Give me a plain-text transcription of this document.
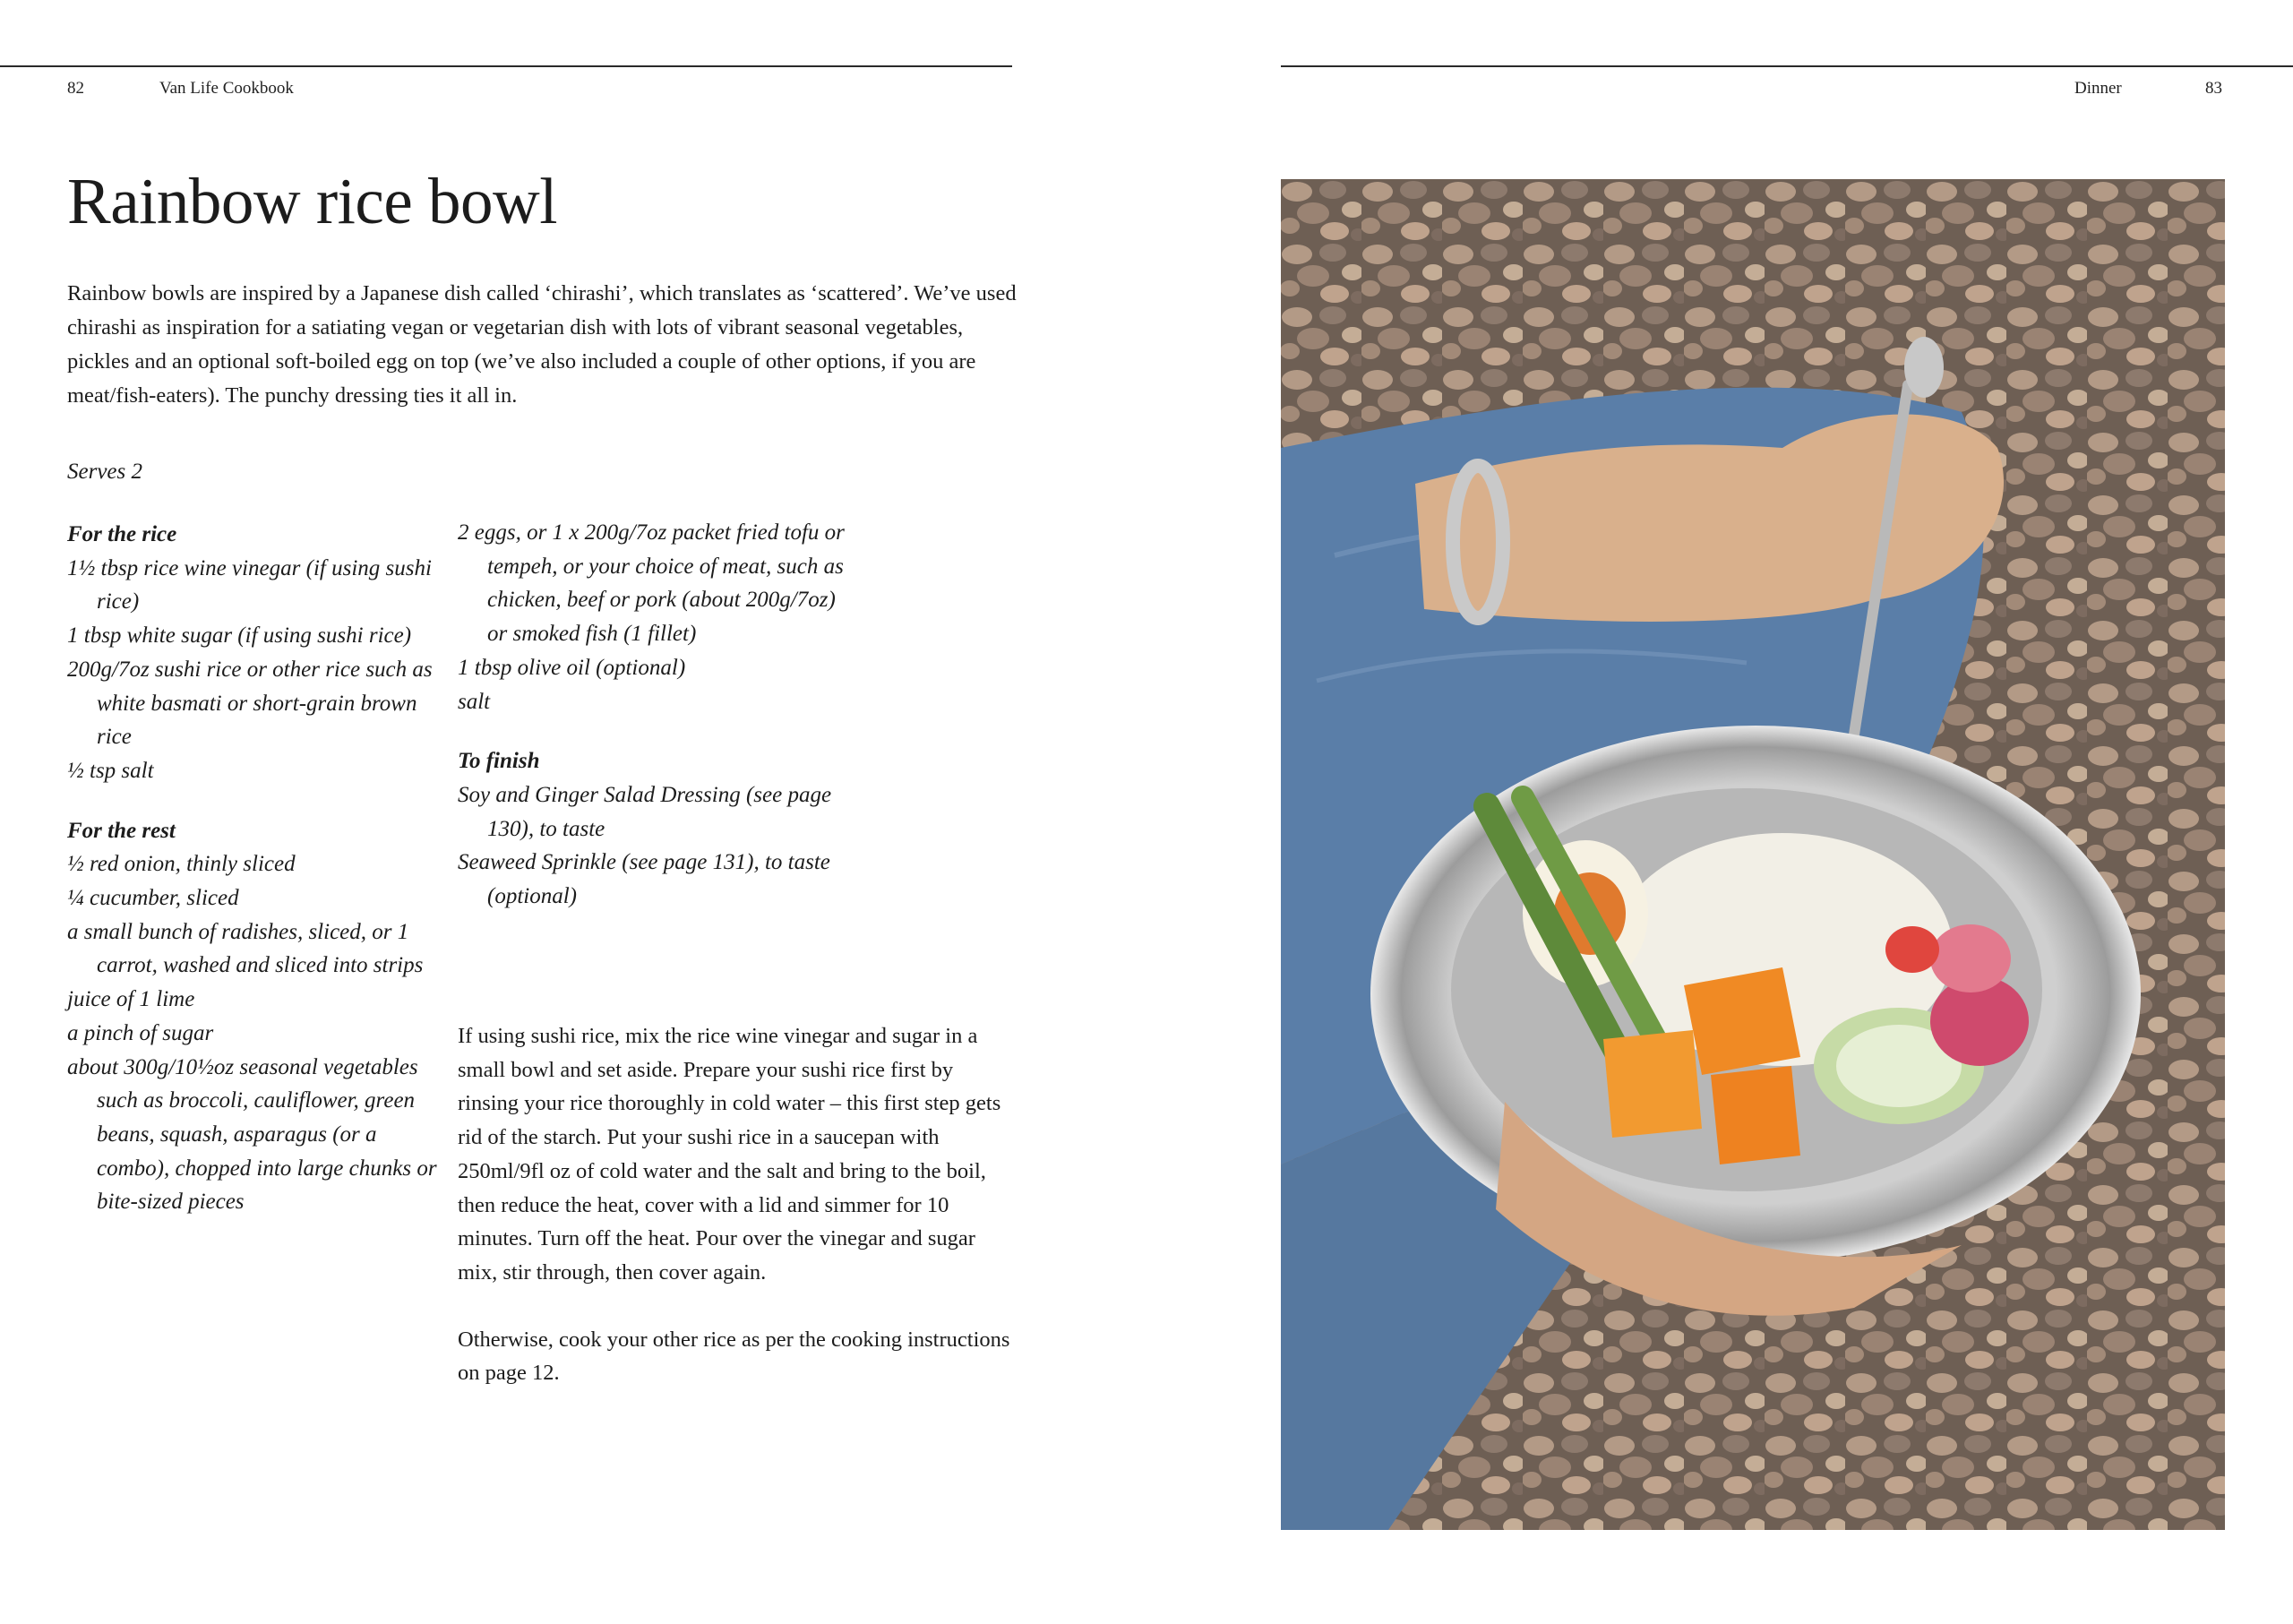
82	Van Life Cookbook	Dinner	83
Rainbow rice bowl

Rainbow bowls are inspired by a Japanese dish called ‘chirashi’, which translates as ‘scattered’. We’ve used chirashi as inspiration for a satiating vegan or vegetarian dish with lots of vibrant seasonal vegetables, pickles and an optional soft-boiled egg on top (we’ve also included a couple of other options, if you are meat/fish-eaters). The punchy dressing ties it all in.

Serves 2
For the rice
1½ tbsp rice wine vinegar (if using sushi rice)
1 tbsp white sugar (if using sushi rice)
200g/7oz sushi rice or other rice such as white basmati or short-grain brown rice
½ tsp salt
For the rest
½ red onion, thinly sliced
¼ cucumber, sliced
a small bunch of radishes, sliced, or 1 carrot, washed and sliced into strips
juice of 1 lime
a pinch of sugar
about 300g/10½oz seasonal vegetables such as broccoli, cauliflower, green beans, squash, asparagus (or a combo), chopped into large chunks or bite-sized pieces
2 eggs, or 1 x 200g/7oz packet fried tofu or tempeh, or your choice of meat, such as chicken, beef or pork (about 200g/7oz) or smoked fish (1 fillet)
1 tbsp olive oil (optional)
salt
To finish
Soy and Ginger Salad Dressing (see page 130), to taste
Seaweed Sprinkle (see page 131), to taste (optional)

If using sushi rice, mix the rice wine vinegar and sugar in a small bowl and set aside. Prepare your sushi rice first by rinsing your rice thoroughly in cold water – this first step gets rid of the starch. Put your sushi rice in a saucepan with 250ml/9fl oz of cold water and the salt and bring to the boil, then reduce the heat, cover with a lid and simmer for 10 minutes. Turn off the heat. Pour over the vinegar and sugar mix, stir through, then cover again.

Otherwise, cook your other rice as per the cooking instructions on page 12.
